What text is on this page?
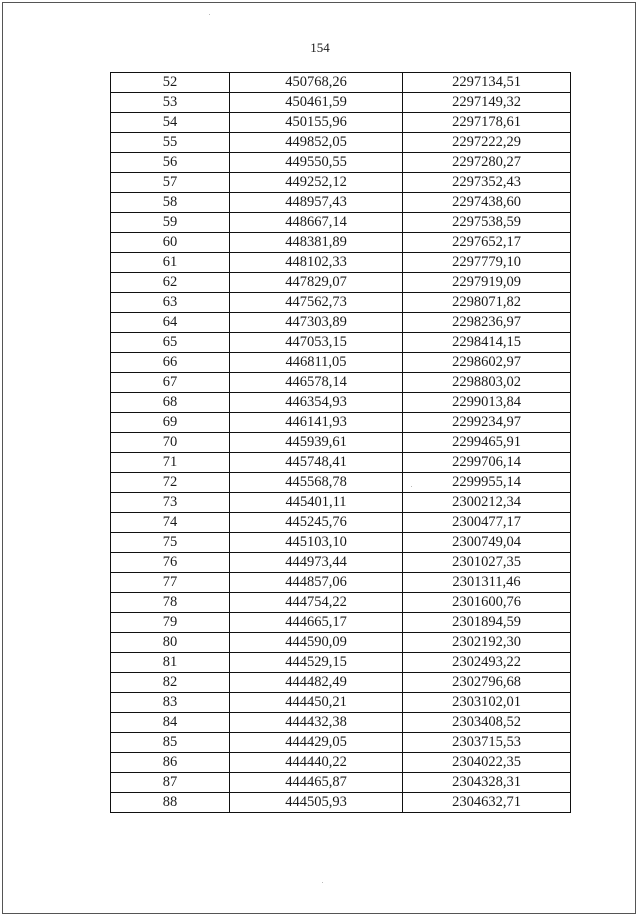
154
52	450768,26	2297134,51
53	450461,59	2297149,32
54	450155,96	2297178,61
55	449852,05	2297222,29
56	449550,55	2297280,27
57	449252,12	2297352,43
58	448957,43	2297438,60
59	448667,14	2297538,59
60	448381,89	2297652,17
61	448102,33	2297779,10
62	447829,07	2297919,09
63	447562,73	2298071,82
64	447303,89	2298236,97
65	447053,15	2298414,15
66	446811,05	2298602,97
67	446578,14	2298803,02
68	446354,93	2299013,84
69	446141,93	2299234,97
70	445939,61	2299465,91
71	445748,41	2299706,14
72	445568,78	2299955,14
73	445401,11	2300212,34
74	445245,76	2300477,17
75	445103,10	2300749,04
76	444973,44	2301027,35
77	444857,06	2301311,46
78	444754,22	2301600,76
79	444665,17	2301894,59
80	444590,09	2302192,30
81	444529,15	2302493,22
82	444482,49	2302796,68
83	444450,21	2303102,01
84	444432,38	2303408,52
85	444429,05	2303715,53
86	444440,22	2304022,35
87	444465,87	2304328,31
88	444505,93	2304632,71
